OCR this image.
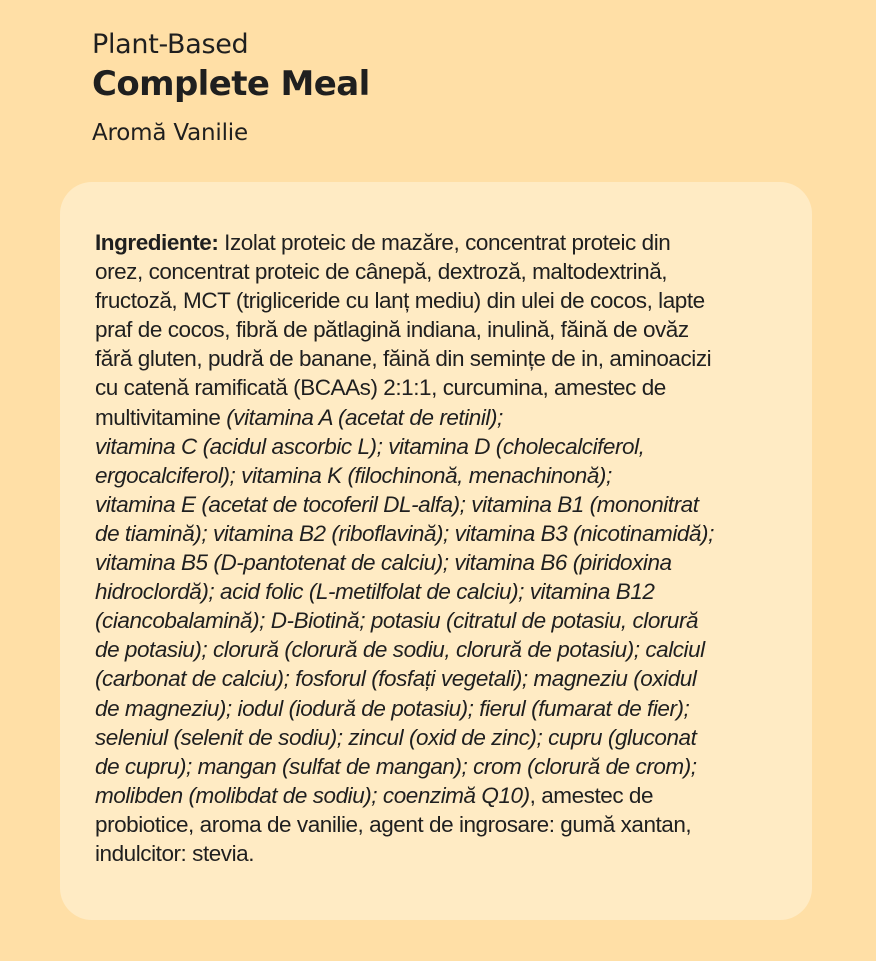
Plant-Based
Complete Meal
Aromă Vanilie
Ingredientе: Izolat proteic de mazăre, concentrat proteic din
orez, concentrat proteic de cânepă, dextroză, maltodextrină,
fructoză, MCT (trigliceride cu lanț mediu) din ulei de cocos, lapte
praf de cocos, fibră de pătlagină indiana, inulină, făină de ovăz
fără gluten, pudră de banane, făină din semințe de in, aminoacizi
cu catenă ramificată (BCAAs) 2:1:1, curcumina, amestec de
multivitamine (vitamina A (acetat de retinil);
vitamina C (acidul ascorbic L); vitamina D (cholecalciferol,
ergocalciferol); vitamina K (filochinonă, menachinonă);
vitamina E (acetat de tocoferil DL-alfa); vitamina B1 (mononitrat
de tiamină); vitamina B2 (riboflavină); vitamina B3 (nicotinamidă);
vitamina B5 (D-pantotenat de calciu); vitamina B6 (piridoxina
hidroclordă); acid folic (L-metilfolat de calciu); vitamina B12
(ciancobalamină); D-Biotină; potasiu (citratul de potasiu, clorură
de potasiu); clorură (clorură de sodiu, clorură de potasiu); calciul
(carbonat de calciu); fosforul (fosfați vegetali); magneziu (oxidul
de magneziu); iodul (iodură de potasiu); fierul (fumarat de fier);
seleniul (selenit de sodiu); zincul (oxid de zinc); cupru (gluconat
de cupru); mangan (sulfat de mangan); crom (clorură de crom);
molibden (molibdat de sodiu); coenzimă Q10), amestec de
probiotice, aroma de vanilie, agent de ingrosare: gumă xantan,
indulcitor: stevia.
